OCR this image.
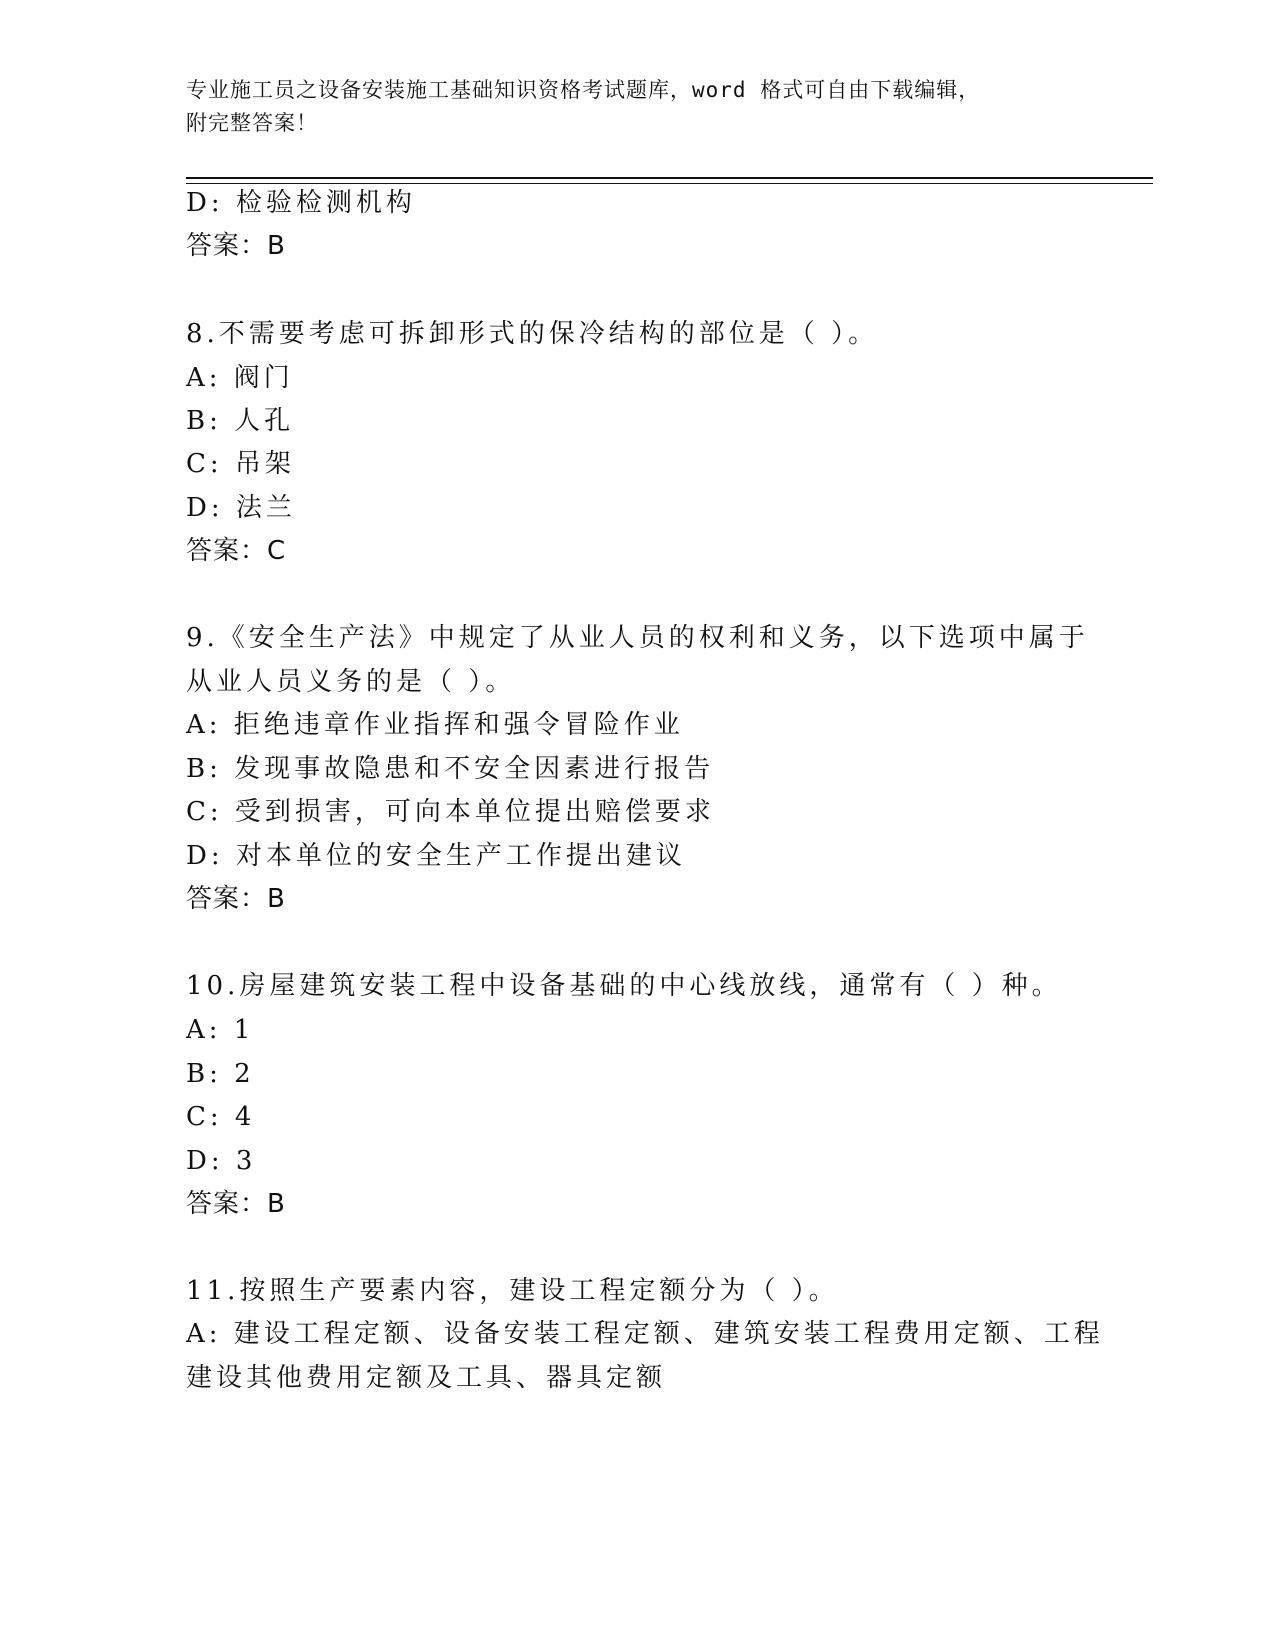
专业施工员之设备安装施工基础知识资格考试题库，word 格式可自由下载编辑，
附完整答案！
D: 检验检测机构
答案：B
8.不需要考虑可拆卸形式的保冷结构的部位是（ ）。
A: 阀门
B: 人孔
C: 吊架
D: 法兰
答案：C
9.《安全生产法》中规定了从业人员的权利和义务，以下选项中属于
从业人员义务的是（ ）。
A: 拒绝违章作业指挥和强令冒险作业
B: 发现事故隐患和不安全因素进行报告
C: 受到损害，可向本单位提出赔偿要求
D: 对本单位的安全生产工作提出建议
答案：B
10.房屋建筑安装工程中设备基础的中心线放线，通常有（ ）种。
A: 1
B: 2
C: 4
D: 3
答案：B
11.按照生产要素内容，建设工程定额分为（ ）。
A: 建设工程定额、设备安装工程定额、建筑安装工程费用定额、工程
建设其他费用定额及工具、器具定额
